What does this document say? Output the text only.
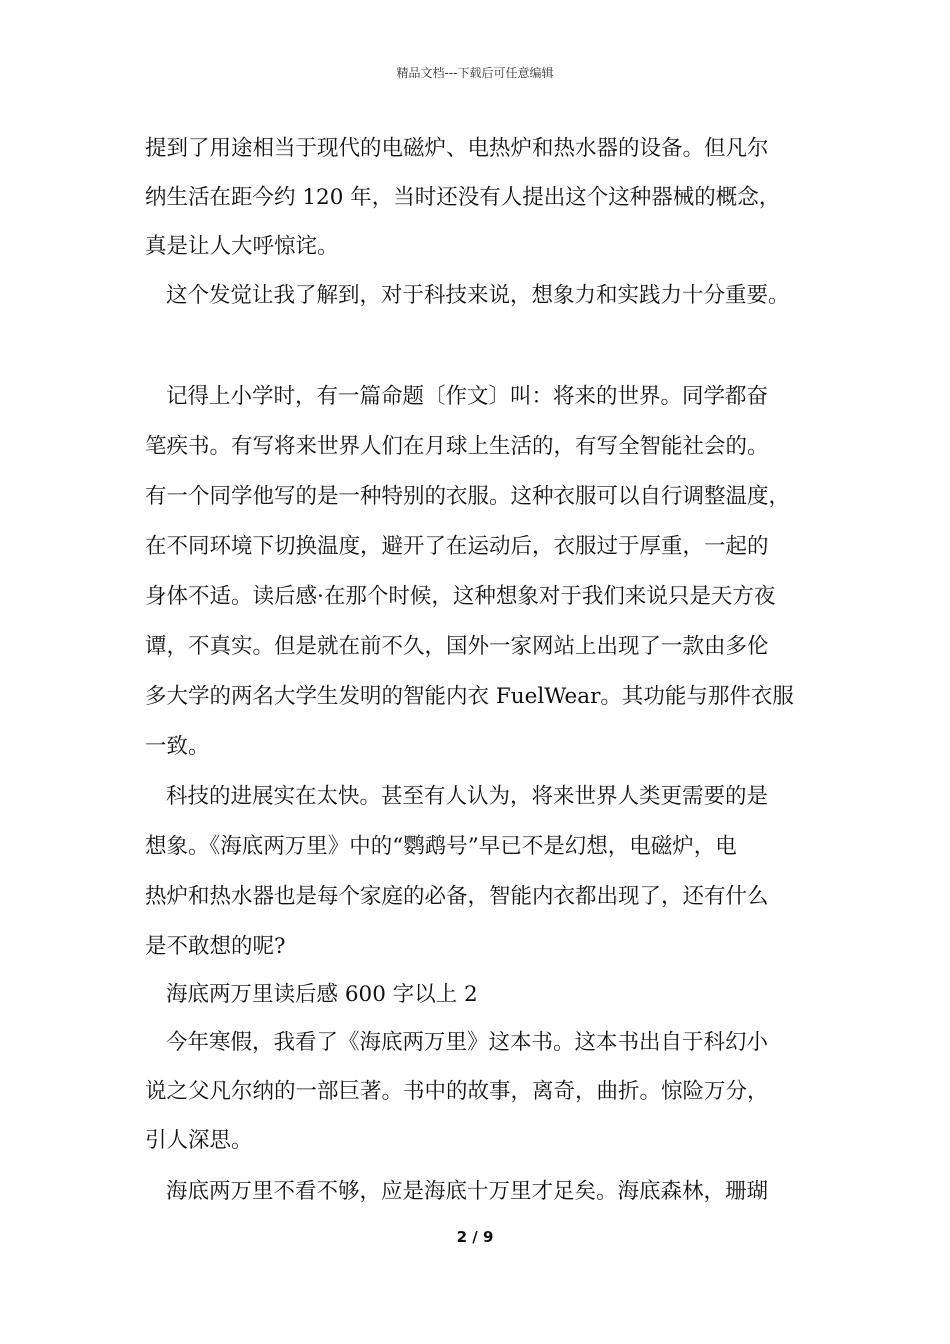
精品文档---下载后可任意编辑
提到了用途相当于现代的电磁炉、电热炉和热水器的设备。但凡尔
纳生活在距今约 120 年，当时还没有人提出这个这种器械的概念，
真是让人大呼惊诧。
这个发觉让我了解到，对于科技来说，想象力和实践力十分重要。
记得上小学时，有一篇命题〔作文〕叫：将来的世界。同学都奋
笔疾书。有写将来世界人们在月球上生活的，有写全智能社会的。
有一个同学他写的是一种特别的衣服。这种衣服可以自行调整温度，
在不同环境下切换温度，避开了在运动后，衣服过于厚重，一起的
身体不适。读后感·在那个时候，这种想象对于我们来说只是天方夜
谭，不真实。但是就在前不久，国外一家网站上出现了一款由多伦
多大学的两名大学生发明的智能内衣 FuelWear。其功能与那件衣服
一致。
科技的进展实在太快。甚至有人认为，将来世界人类更需要的是
想象。《海底两万里》中的“鹦鹉号”早已不是幻想，电磁炉，电
热炉和热水器也是每个家庭的必备，智能内衣都出现了，还有什么
是不敢想的呢?
海底两万里读后感 600 字以上 2
今年寒假，我看了《海底两万里》这本书。这本书出自于科幻小
说之父凡尔纳的一部巨著。书中的故事，离奇，曲折。惊险万分，
引人深思。
海底两万里不看不够，应是海底十万里才足矣。海底森林，珊瑚
2 / 9
